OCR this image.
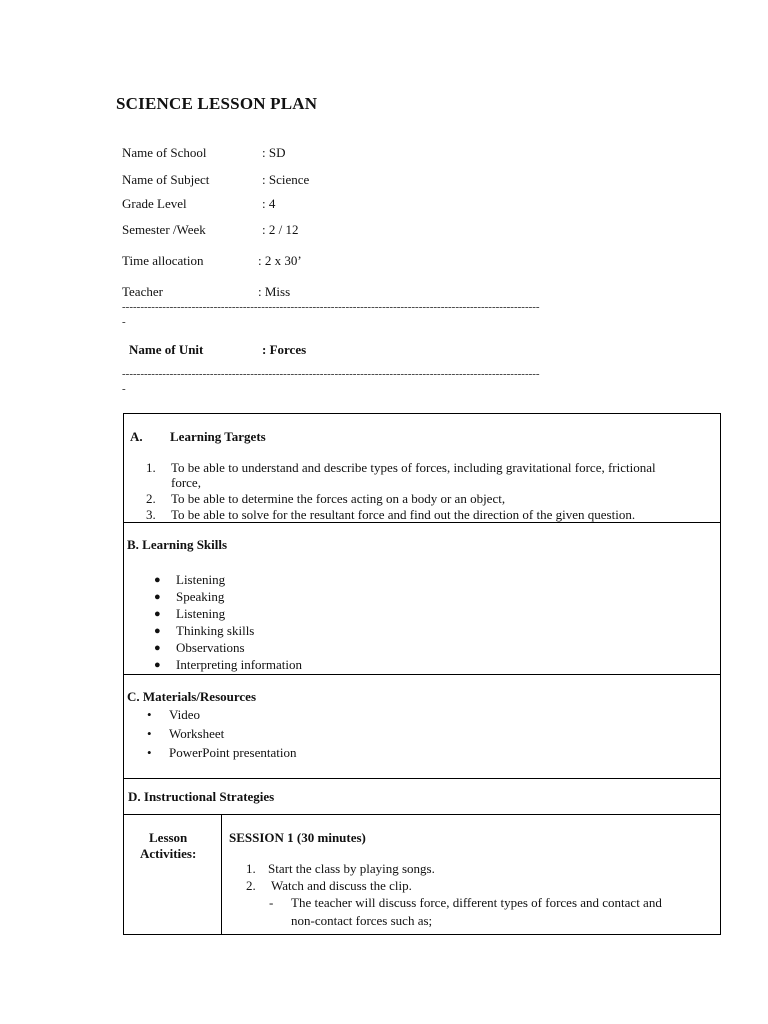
SCIENCE LESSON PLAN
Name of School	: SD
Name of Subject	: Science
Grade Level	: 4
Semester /Week	: 2 / 12
Time allocation	: 2 x 30’
Teacher	: Miss
------------------------------------------------------------------------------------------------------------------
-
Name of Unit	: Forces
------------------------------------------------------------------------------------------------------------------
-
A. Learning Targets
1. To be able to understand and describe types of forces, including gravitational force, frictional
force,
2. To be able to determine the forces acting on a body or an object,
3. To be able to solve for the resultant force and find out the direction of the given question.
B. Learning Skills
● Listening
● Speaking
● Listening
● Thinking skills
● Observations
● Interpreting information
C. Materials/Resources
• Video
• Worksheet
• PowerPoint presentation
D. Instructional Strategies
Lesson
Activities:
SESSION 1 (30 minutes)
1. Start the class by playing songs.
2. Watch and discuss the clip.
- The teacher will discuss force, different types of forces and contact and
non-contact forces such as;
